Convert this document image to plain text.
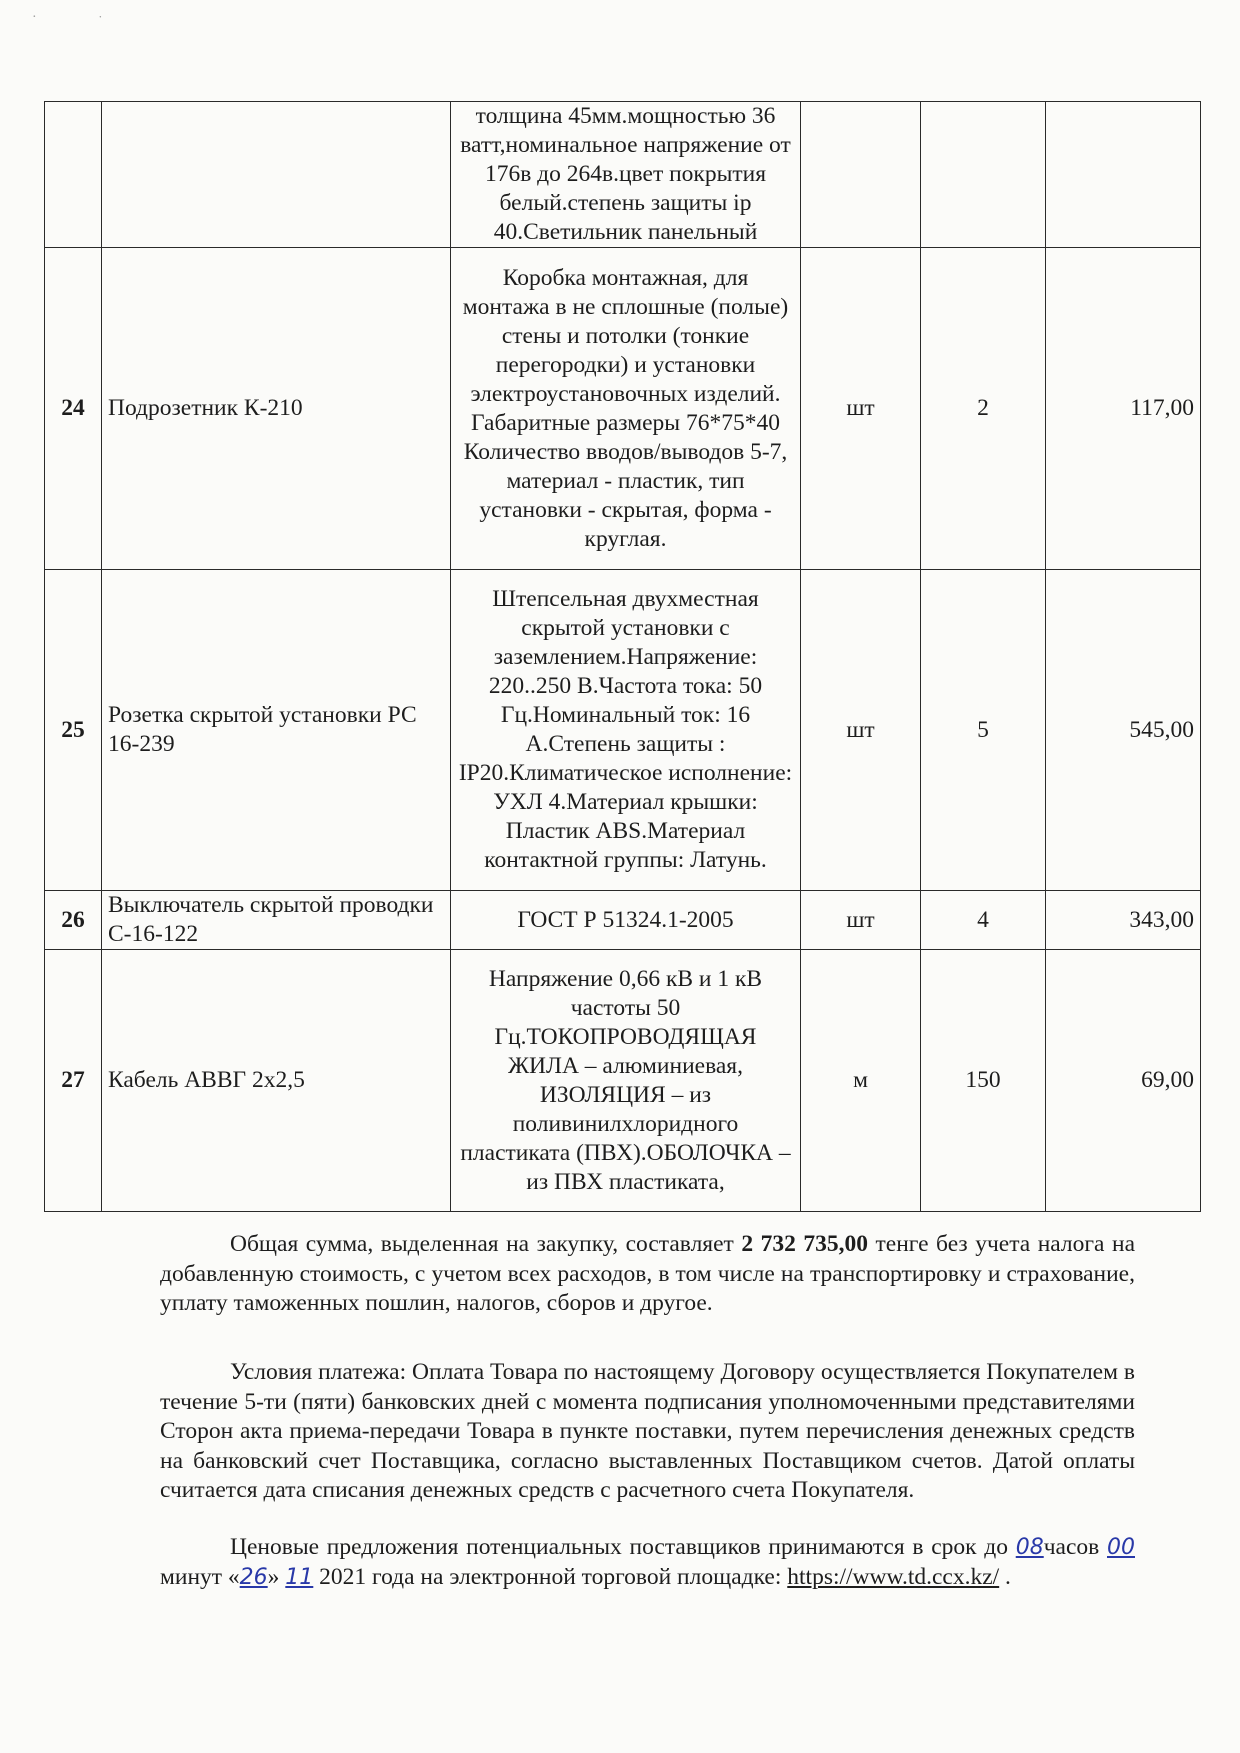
·	˙
		толщина 45мм.мощностью 36 ватт,номинальное напряжение от 176в до 264в.цвет покрытия белый.степень защиты ip 40.Светильник панельный			
24	Подрозетник К-210	Коробка монтажная, для монтажа в не сплошные (полые) стены и потолки (тонкие перегородки) и установки электроустановочных изделий. Габаритные размеры 76*75*40 Количество вводов/выводов 5-7, материал - пластик, тип установки - скрытая, форма - круглая.	шт	2	117,00
25	Розетка скрытой установки РС 16-239	Штепсельная двухместная скрытой установки с заземлением.Напряжение: 220..250 В.Частота тока: 50 Гц.Номинальный ток: 16 А.Степень защиты : IP20.Климатическое исполнение: УХЛ 4.Материал крышки: Пластик ABS.Материал контактной группы: Латунь.	шт	5	545,00
26	Выключатель скрытой проводки С-16-122	ГОСТ Р 51324.1-2005	шт	4	343,00
27	Кабель АВВГ 2х2,5	Напряжение 0,66 кВ и 1 кВ частоты 50 Гц.ТОКОПРОВОДЯЩАЯ ЖИЛА – алюминиевая, ИЗОЛЯЦИЯ – из поливинилхлоридного пластиката (ПВХ).ОБОЛОЧКА – из ПВХ пластиката,	м	150	69,00
Общая сумма, выделенная на закупку, составляет 2 732 735,00 тенге без учета налога на добавленную стоимость, с учетом всех расходов, в том числе на транспортировку и страхование, уплату таможенных пошлин, налогов, сборов и другое.
Условия платежа: Оплата Товара по настоящему Договору осуществляется Покупателем в течение 5-ти (пяти) банковских дней с момента подписания уполномоченными представителями Сторон акта приема-передачи Товара в пункте поставки, путем перечисления денежных средств на банковский счет Поставщика, согласно выставленных Поставщиком счетов. Датой оплаты считается дата списания денежных средств с расчетного счета Покупателя.
Ценовые предложения потенциальных поставщиков принимаются в срок до 08часов 00 минут «26» 11 2021 года на электронной торговой площадке: https://www.td.ccx.kz/ .
